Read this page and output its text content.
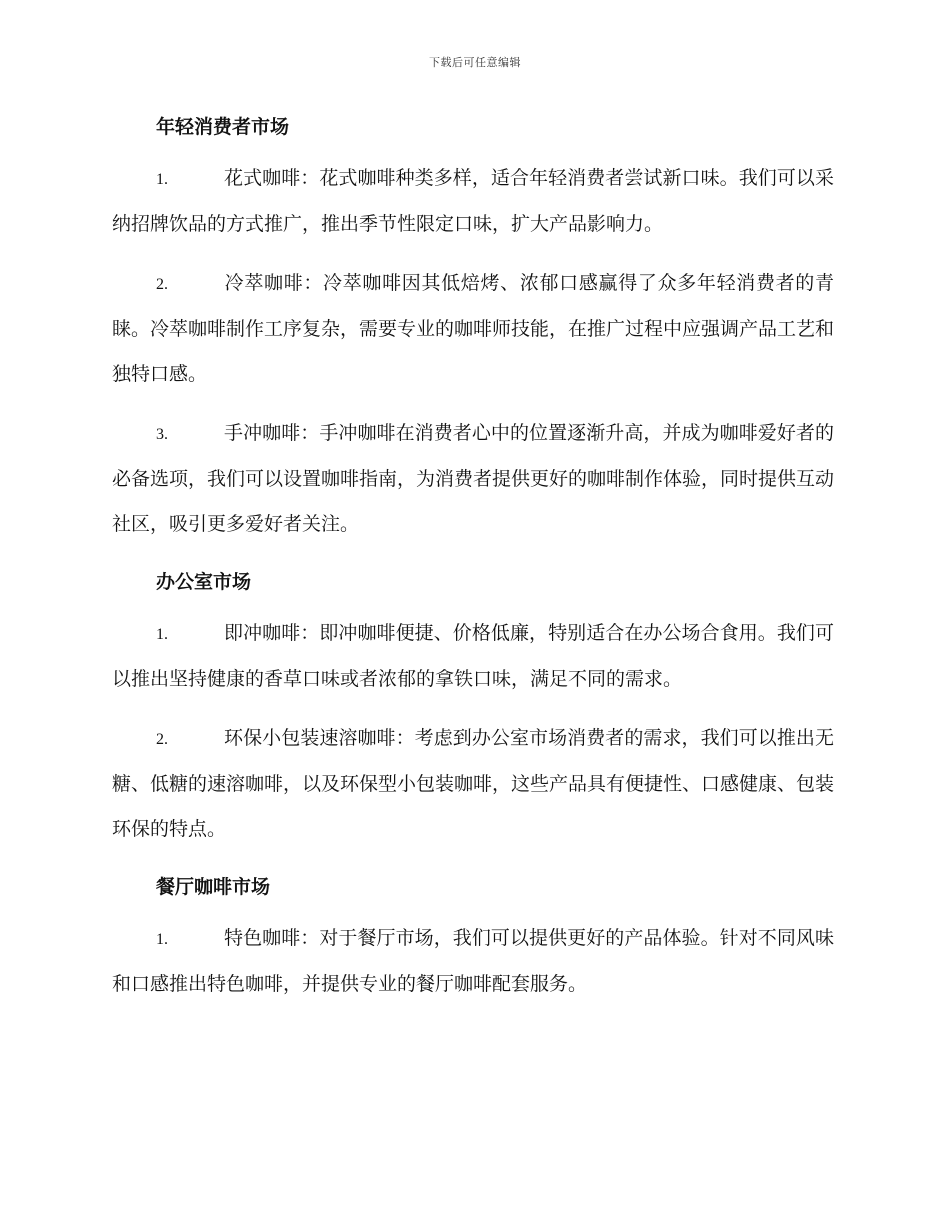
下载后可任意编辑
年轻消费者市场

1.	花式咖啡：花式咖啡种类多样，适合年轻消费者尝试新口味。我们可以采纳招牌饮品的方式推广，推出季节性限定口味，扩大产品影响力。

2.	冷萃咖啡：冷萃咖啡因其低焙烤、浓郁口感赢得了众多年轻消费者的青睐。冷萃咖啡制作工序复杂，需要专业的咖啡师技能，在推广过程中应强调产品工艺和独特口感。

3.	手冲咖啡：手冲咖啡在消费者心中的位置逐渐升高，并成为咖啡爱好者的必备选项，我们可以设置咖啡指南，为消费者提供更好的咖啡制作体验，同时提供互动社区，吸引更多爱好者关注。

办公室市场

1.	即冲咖啡：即冲咖啡便捷、价格低廉，特别适合在办公场合食用。我们可以推出坚持健康的香草口味或者浓郁的拿铁口味，满足不同的需求。

2.	环保小包装速溶咖啡：考虑到办公室市场消费者的需求，我们可以推出无糖、低糖的速溶咖啡，以及环保型小包装咖啡，这些产品具有便捷性、口感健康、包装环保的特点。

餐厅咖啡市场

1.	特色咖啡：对于餐厅市场，我们可以提供更好的产品体验。针对不同风味和口感推出特色咖啡，并提供专业的餐厅咖啡配套服务。
